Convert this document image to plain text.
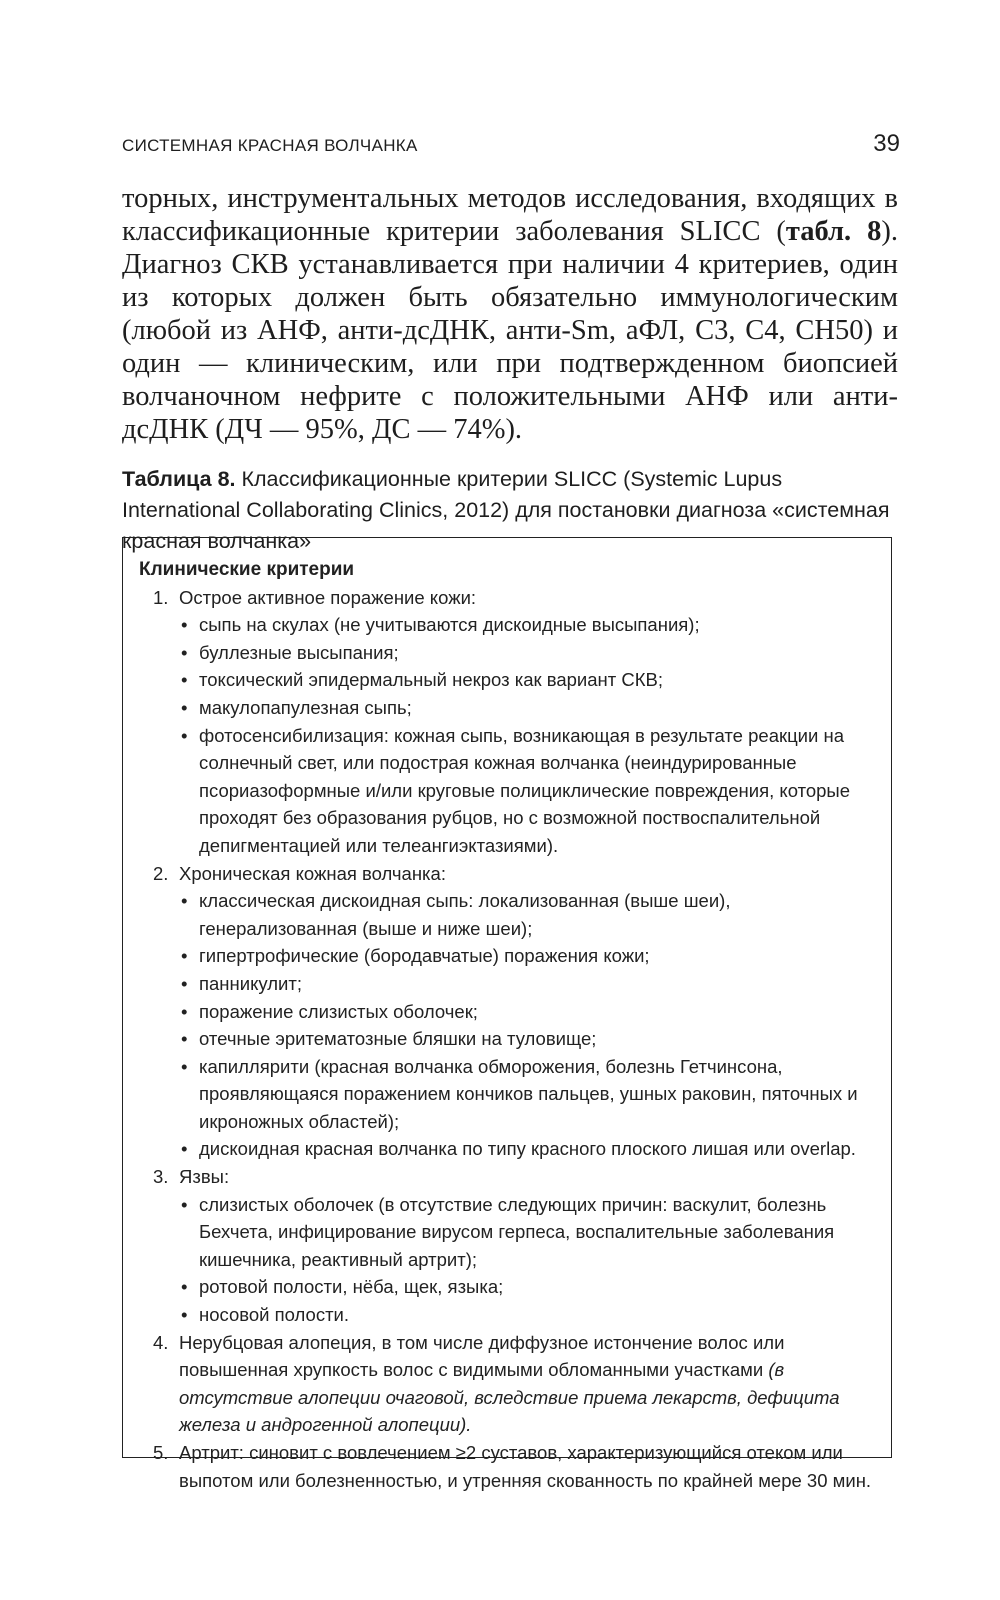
СИСТЕМНАЯ КРАСНАЯ ВОЛЧАНКА	39

торных, инструментальных методов исследования, входящих в классификационные критерии заболевания SLICC (табл. 8). Диагноз СКВ устанавливается при наличии 4 критериев, один из которых должен быть обязательно иммунологическим (любой из АНФ, анти-дсДНК, анти-Sm, аФЛ, С3, С4, СН50) и один — клиническим, или при подтвержденном биопсией волчаночном нефрите с положительными АНФ или анти-дсДНК (ДЧ — 95%, ДС — 74%).

Таблица 8. Классификационные критерии SLICC (Systemic Lupus International Collaborating Clinics, 2012) для постановки диагноза «системная красная волчанка»

Клинические критерии

1. Острое активное поражение кожи:
• сыпь на скулах (не учитываются дискоидные высыпания);
• буллезные высыпания;
• токсический эпидермальный некроз как вариант СКВ;
• макулопапулезная сыпь;
• фотосенсибилизация: кожная сыпь, возникающая в результате реакции на солнечный свет, или подострая кожная волчанка (неиндурированные псориазоформные и/или круговые полициклические повреждения, которые проходят без образования рубцов, но с возможной поствоспалительной депигментацией или телеангиэктазиями).
2. Хроническая кожная волчанка:
• классическая дискоидная сыпь: локализованная (выше шеи), генерализованная (выше и ниже шеи);
• гипертрофические (бородавчатые) поражения кожи;
• панникулит;
• поражение слизистых оболочек;
• отечные эритематозные бляшки на туловище;
• капиллярити (красная волчанка обморожения, болезнь Гетчинсона, проявляющаяся поражением кончиков пальцев, ушных раковин, пяточных и икроножных областей);
• дискоидная красная волчанка по типу красного плоского лишая или overlap.
3. Язвы:
• слизистых оболочек (в отсутствие следующих причин: васкулит, болезнь Бехчета, инфицирование вирусом герпеса, воспалительные заболевания кишечника, реактивный артрит);
• ротовой полости, нёба, щек, языка;
• носовой полости.
4. Нерубцовая алопеция, в том числе диффузное истончение волос или повышенная хрупкость волос с видимыми обломанными участками (в отсутствие алопеции очаговой, вследствие приема лекарств, дефицита железа и андрогенной алопеции).
5. Артрит: синовит с вовлечением ≥2 суставов, характеризующийся отеком или выпотом или болезненностью, и утренняя скованность по крайней мере 30 мин.
